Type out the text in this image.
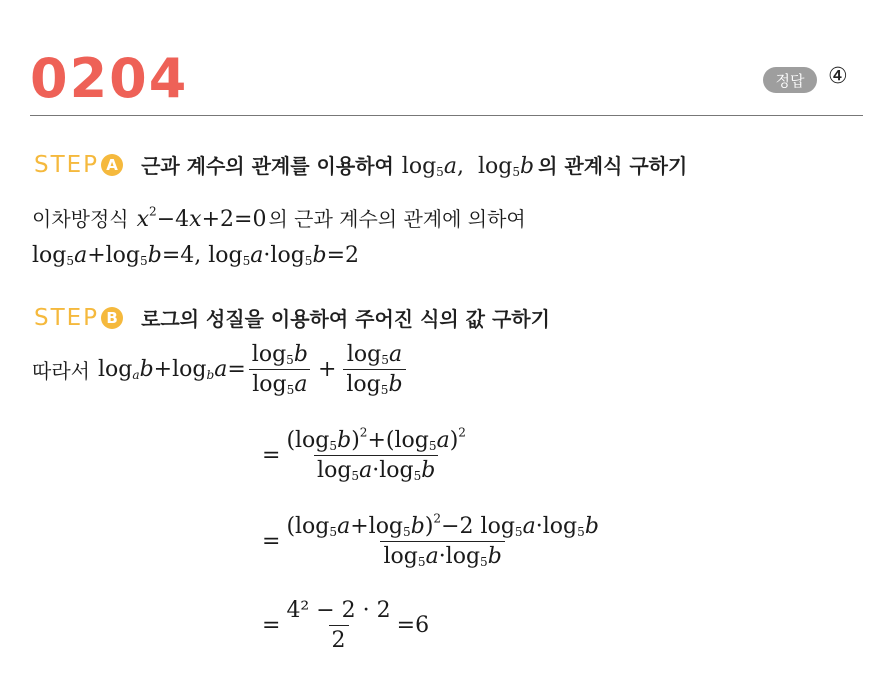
0204	정답	④
STEP A 근과 계수의 관계를 이용하여 $\log_5a$,  $\log_5b$ 의 관계식 구하기
이차방정식 $x^2-4x+2=0$ 의 근과 계수의 관계에 의하여
$\log_5a+\log_5b=4$, $\log_5a\cdot\log_5b=2$
STEP B 로그의 성질을 이용하여 주어진 식의 값 구하기
따라서 $\log_ab+\log_ba= \frac{\log_5b}{\log_5a} + \frac{\log_5a}{\log_5b}$
= $\frac{(\log_5b)^2+(\log_5a)^2}{\log_5a\cdot\log_5b}$
= $\frac{(\log_5a+\log_5b)^2-2 \log_5a\cdot\log_5b}{\log_5a\cdot\log_5b}$
= $\frac{\text{4² − 2 · 2}}{2} = 6$
